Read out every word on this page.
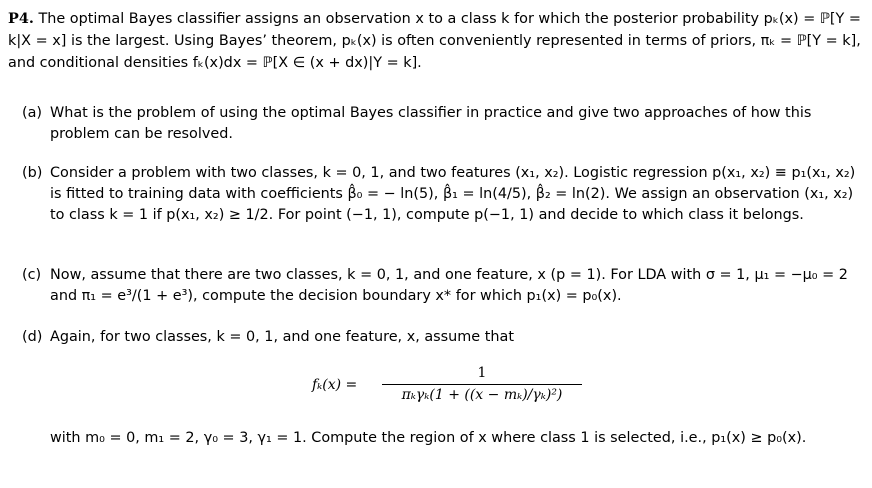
P4. The optimal Bayes classifier assigns an observation x to a class k for which the posterior probability pₖ(x) = ℙ[Y = k|X = x] is the largest. Using Bayes’ theorem, pₖ(x) is often conveniently represented in terms of priors, πₖ = ℙ[Y = k], and conditional densities fₖ(x)dx = ℙ[X ∈ (x + dx)|Y = k].
(a) What is the problem of using the optimal Bayes classifier in practice and give two approaches of how this problem can be resolved.
(b) Consider a problem with two classes, k = 0, 1, and two features (x₁, x₂). Logistic regression p(x₁, x₂) ≡ p₁(x₁, x₂) is fitted to training data with coefficients β̂₀ = − ln(5), β̂₁ = ln(4/5), β̂₂ = ln(2). We assign an observation (x₁, x₂) to class k = 1 if p(x₁, x₂) ≥ 1/2. For point (−1, 1), compute p(−1, 1) and decide to which class it belongs.
(c) Now, assume that there are two classes, k = 0, 1, and one feature, x (p = 1). For LDA with σ = 1, μ₁ = −μ₀ = 2 and π₁ = e³/(1 + e³), compute the decision boundary x* for which p₁(x) = p₀(x).
(d) Again, for two classes, k = 0, 1, and one feature, x, assume that
fₖ(x) =
1
πₖγₖ(1 + ((x − mₖ)/γₖ)²)
with m₀ = 0, m₁ = 2, γ₀ = 3, γ₁ = 1. Compute the region of x where class 1 is selected, i.e., p₁(x) ≥ p₀(x).
